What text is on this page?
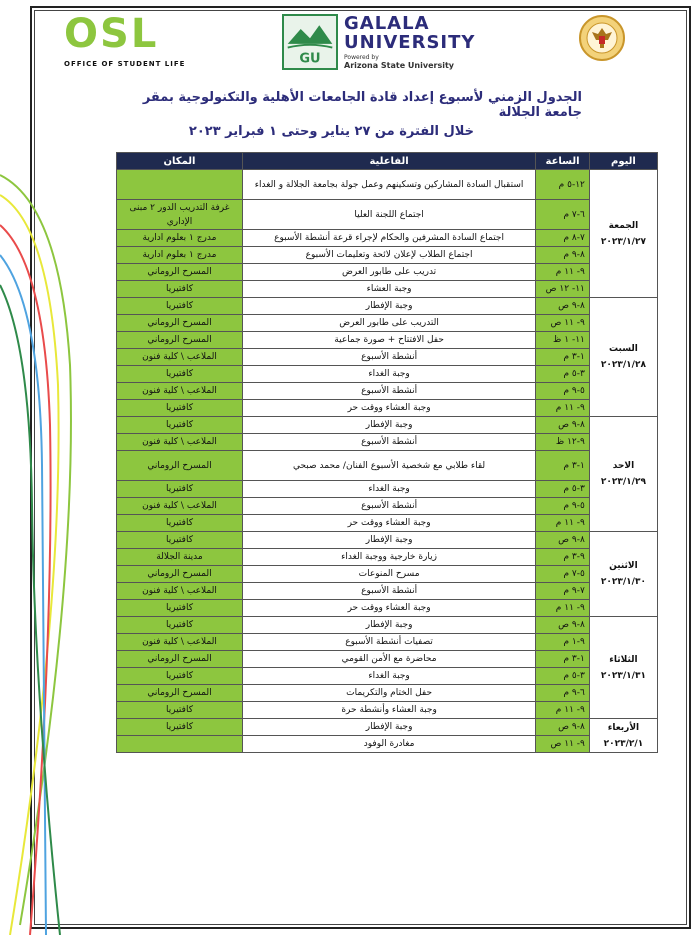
OSL
OFFICE OF STUDENT LIFE	GU
GALALA
UNIVERSITY
Powered by
Arizona State University
الجدول الزمني لأسبوع إعداد قادة الجامعات الأهلية والتكنولوجية بمقر جامعة الجلالة
خلال الفترة من ٢٧ يناير وحتى ١ فبراير ٢٠٢٣
اليوم	الساعة	الفاعلية	المكان

الجمعة
٢٠٢٣/١/٢٧	١٢-٥ م	استقبال السادة المشاركين وتسكينهم وعمل جولة بجامعة الجلالة و الغداء	
	٦-٧ م	اجتماع اللجنة العليا	غرفة التدريب الدور ٢ مبنى الإداري
	٧-٨ م	اجتماع السادة المشرفين والحكام لإجراء قرعة أنشطة الأسبوع	مدرج ١ بعلوم ادارية
	٨-٩ م	اجتماع الطلاب لإعلان لائحة وتعليمات الأسبوع	مدرج ١ بعلوم ادارية
	٩- ١١ م	تدريب على طابور العرض	المسرح الروماني
	١١- ١٢ ص	وجبة العشاء	كافتيريا

السبت
٢٠٢٣/١/٢٨	٨-٩ ص	وجبة الإفطار	كافتيريا
	٩- ١١ ص	التدريب على طابور العرض	المسرح الروماني
	١١- ١ ظ	حفل الافتتاح + صورة جماعية	المسرح الروماني
	١-٣ م	أنشطة الأسبوع	الملاعب \ كلية فنون
	٣-٥ م	وجبة الغداء	كافتيريا
	٥-٩ م	أنشطة الأسبوع	الملاعب \ كلية فنون
	٩- ١١ م	وجبة العشاء ووقت حر	كافتيريا

الاحد
٢٠٢٣/١/٢٩	٨-٩ ص	وجبة الإفطار	كافتيريا
	٩-١٢ ظ	أنشطة الأسبوع	الملاعب \ كلية فنون
	١-٣ م	لقاء طلابي مع شخصية الأسبوع الفنان/ محمد صبحي	المسرح الروماني
	٣-٥ م	وجبة الغداء	كافتيريا
	٥-٩ م	أنشطة الأسبوع	الملاعب \ كلية فنون
	٩- ١١ م	وجبة العشاء ووقت حر	كافتيريا

الاثنين
٢٠٢٣/١/٣٠	٨-٩ ص	وجبة الإفطار	كافتيريا
	٩-٣ م	زيارة خارجية ووجبة الغداء	مدينة الجلالة
	٥-٧ م	مسرح المنوعات	المسرح الروماني
	٧-٩ م	أنشطة الأسبوع	الملاعب \ كلية فنون
	٩- ١١ م	وجبة العشاء ووقت حر	كافتيريا

الثلاثاء
٢٠٢٣/١/٣١	٨-٩ ص	وجبة الإفطار	كافتيريا
	٩-١ م	تصفيات أنشطة الأسبوع	الملاعب \ كلية فنون
	١-٣ م	محاضرة مع الأمن القومي	المسرح الروماني
	٣-٥ م	وجبة الغداء	كافتيريا
	٦-٩ م	حفل الختام والتكريمات	المسرح الروماني
	٩- ١١ م	وجبة العشاء وأنشطة حرة	كافتيريا

الأربعاء
٢٠٢٣/٢/١	٨-٩ ص	وجبة الإفطار	كافتيريا
	٩- ١١ ص	مغادرة الوفود	
